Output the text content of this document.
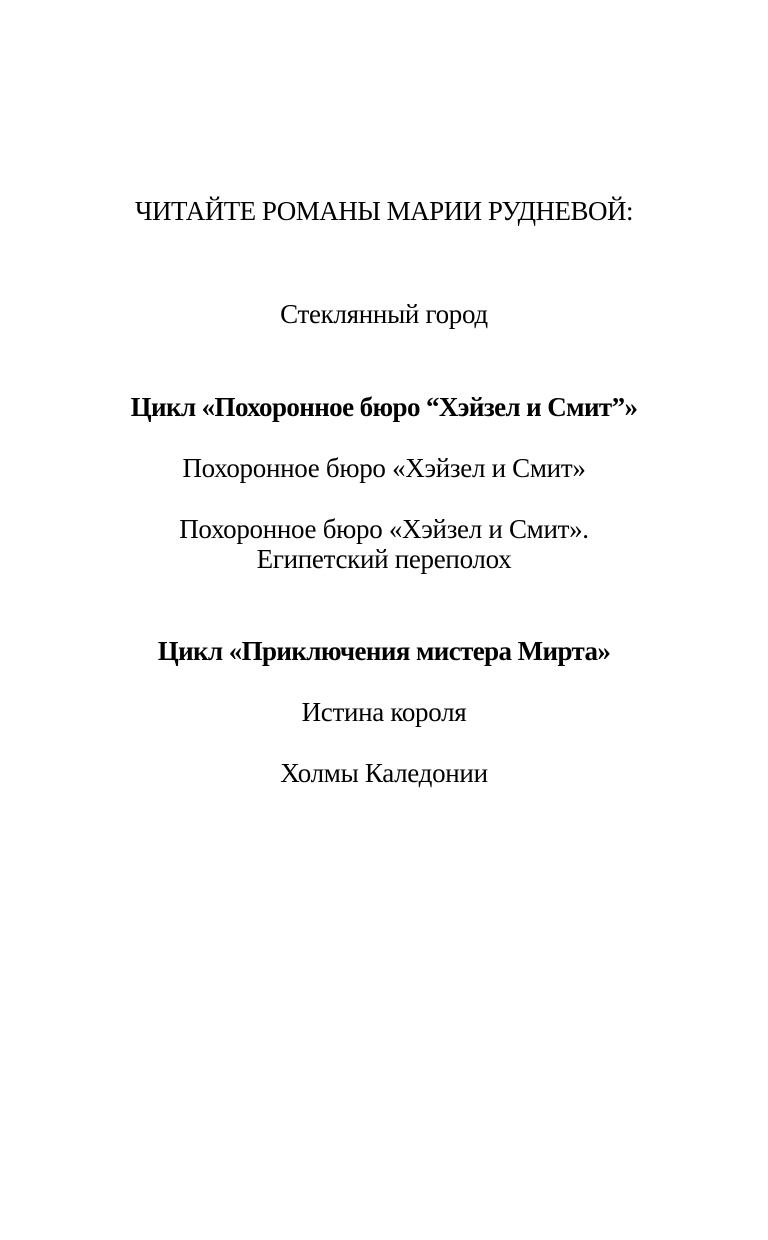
ЧИТАЙТЕ РОМАНЫ МАРИИ РУДНЕВОЙ:
Стеклянный город
Цикл «Похоронное бюро “Хэйзел и Смит”»
Похоронное бюро «Хэйзел и Смит»
Похоронное бюро «Хэйзел и Смит».
Египетский переполох
Цикл «Приключения мистера Мирта»
Истина короля
Холмы Каледонии
